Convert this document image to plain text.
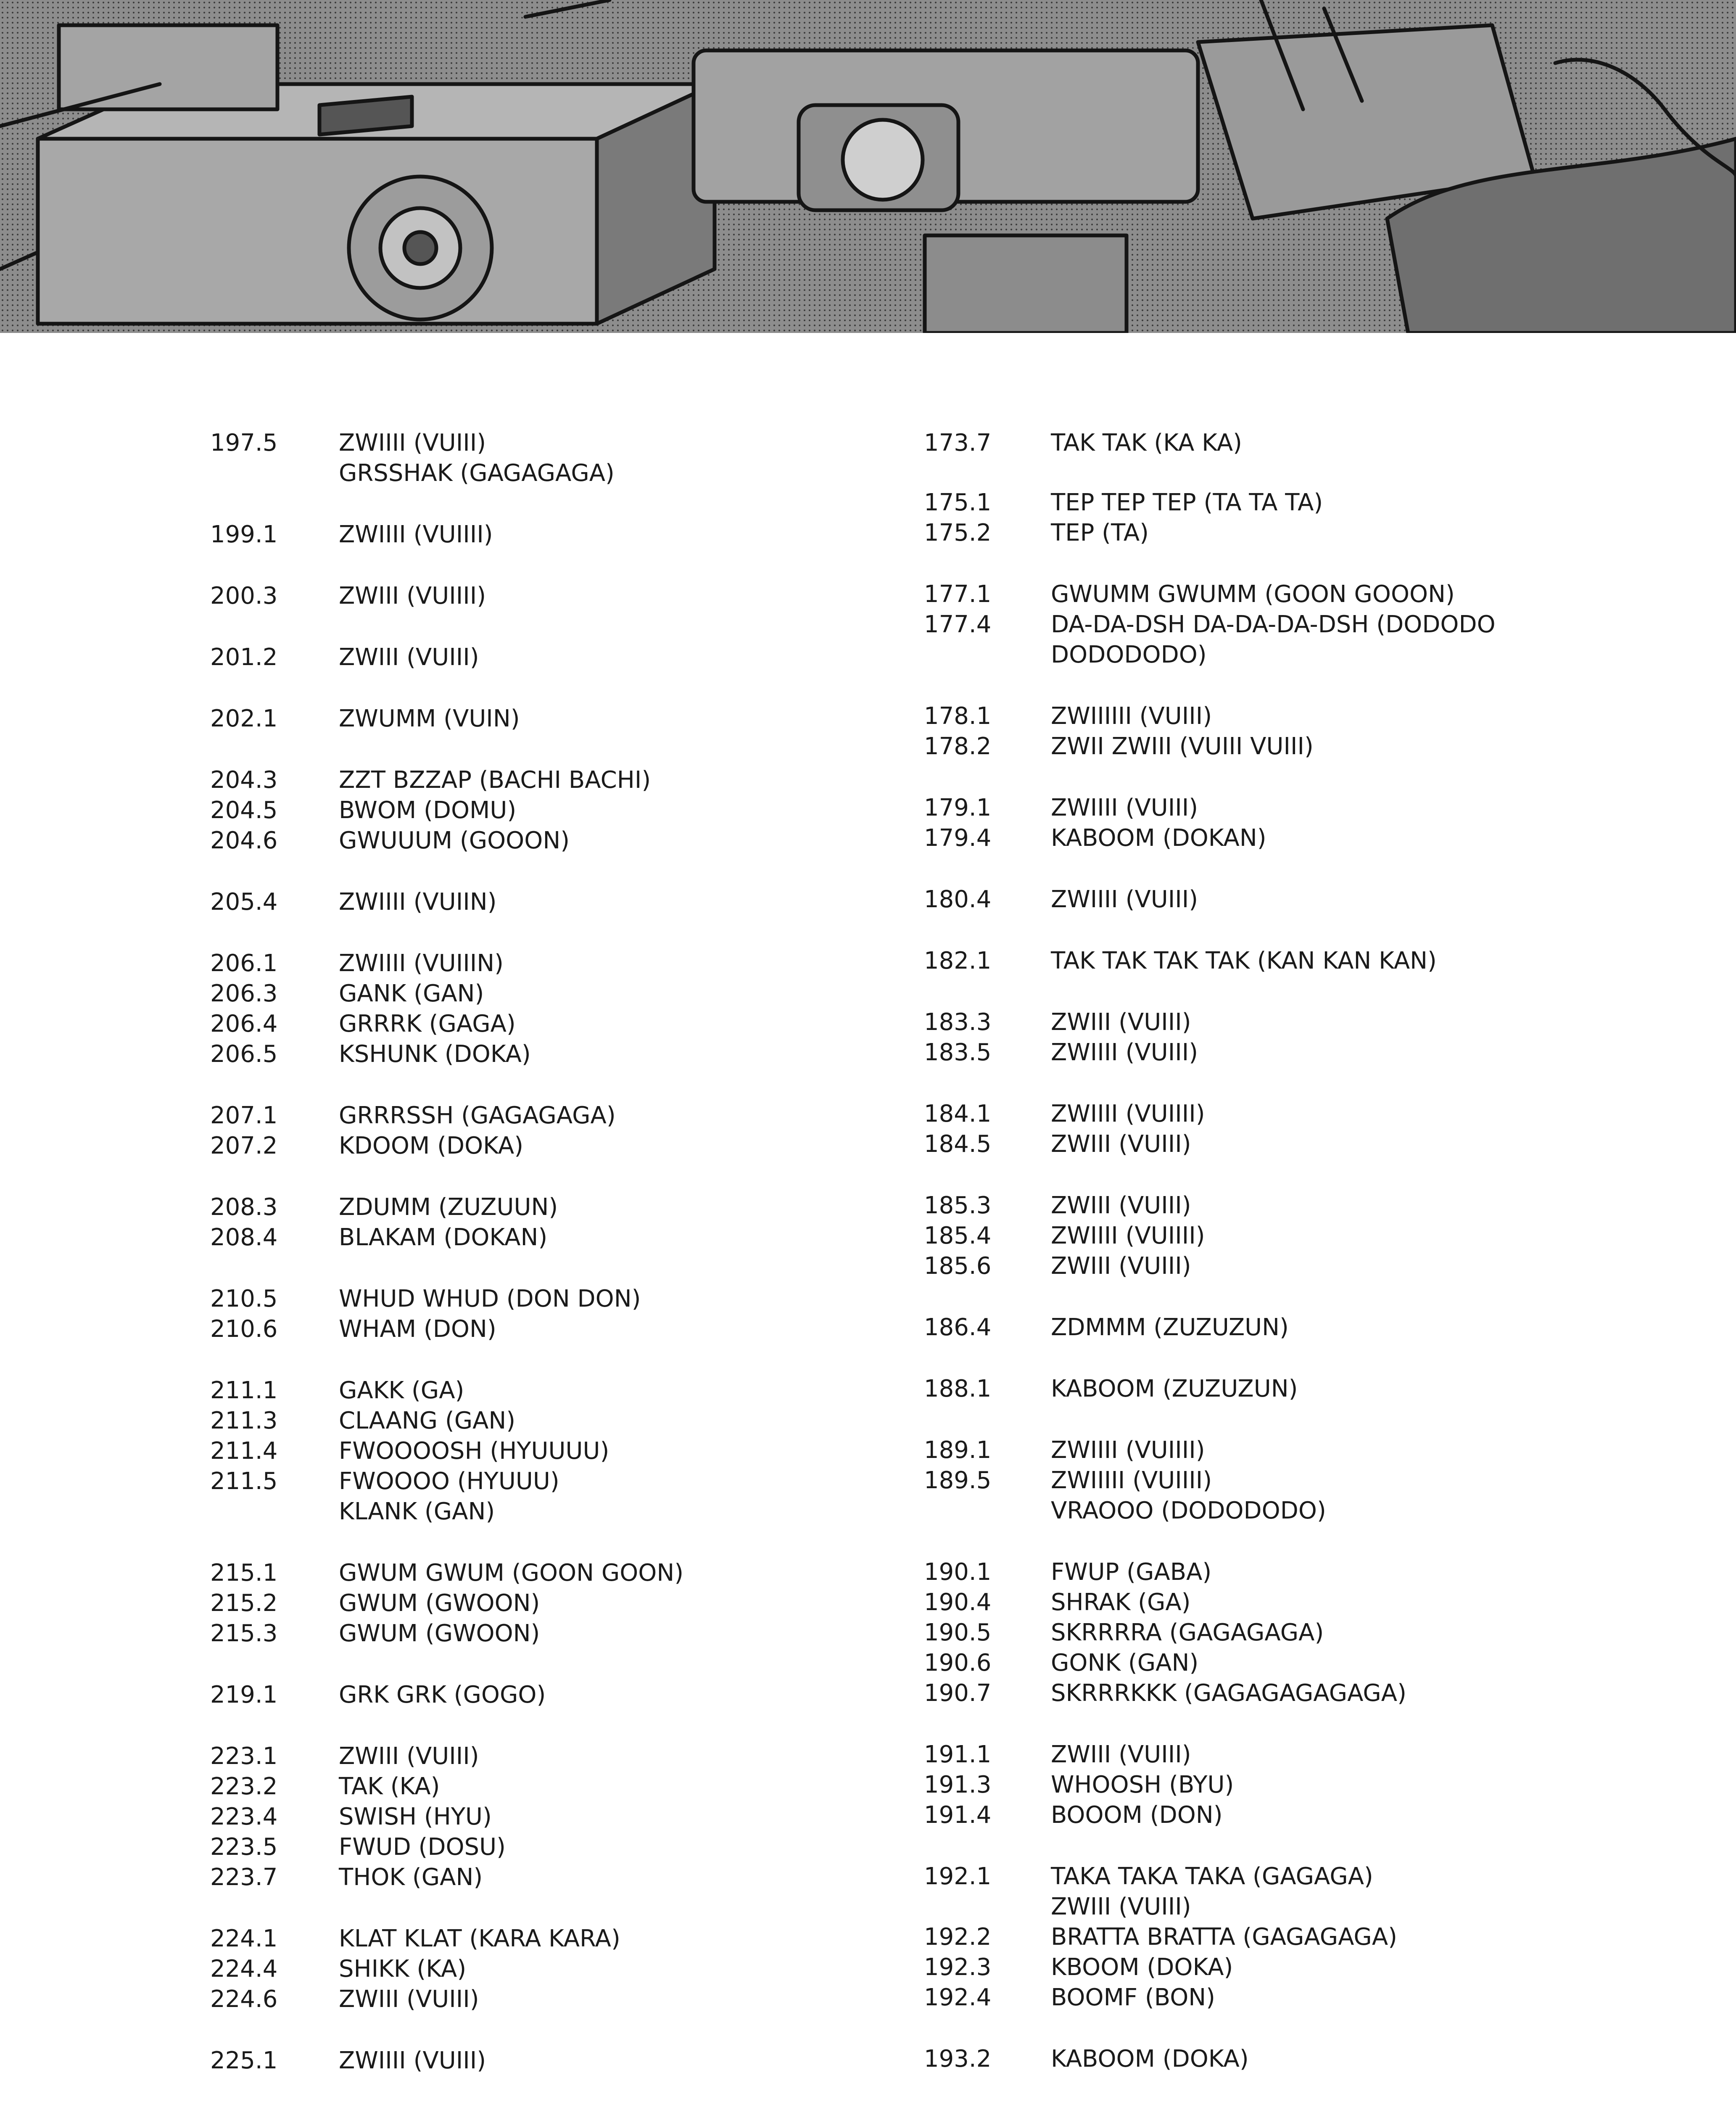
197.5	ZWIIII (VUIII)
GRSSHAK (GAGAGAGA)
199.1	ZWIIII (VUIIII)
200.3	ZWIII (VUIIII)
201.2	ZWIII (VUIII)
202.1	ZWUMM (VUIN)
204.3	ZZT BZZAP (BACHI BACHI)
204.5	BWOM (DOMU)
204.6	GWUUUM (GOOON)
205.4	ZWIIII (VUIIN)
206.1	ZWIIII (VUIIIN)
206.3	GANK (GAN)
206.4	GRRRK (GAGA)
206.5	KSHUNK (DOKA)
207.1	GRRRSSH (GAGAGAGA)
207.2	KDOOM (DOKA)
208.3	ZDUMM (ZUZUUN)
208.4	BLAKAM (DOKAN)
210.5	WHUD WHUD (DON DON)
210.6	WHAM (DON)
211.1	GAKK (GA)
211.3	CLAANG (GAN)
211.4	FWOOOOSH (HYUUUU)
211.5	FWOOOO (HYUUU)
KLANK (GAN)
215.1	GWUM GWUM (GOON GOON)
215.2	GWUM (GWOON)
215.3	GWUM (GWOON)
219.1	GRK GRK (GOGO)
223.1	ZWIII (VUIII)
223.2	TAK (KA)
223.4	SWISH (HYU)
223.5	FWUD (DOSU)
223.7	THOK (GAN)
224.1	KLAT KLAT (KARA KARA)
224.4	SHIKK (KA)
224.6	ZWIII (VUIII)
225.1	ZWIIII (VUIII)
173.7	TAK TAK (KA KA)
175.1	TEP TEP TEP (TA TA TA)
175.2	TEP (TA)
177.1	GWUMM GWUMM (GOON GOOON)
177.4	DA-DA-DSH DA-DA-DA-DSH (DODODO
DODODODO)
178.1	ZWIIIIII (VUIII)
178.2	ZWII ZWIII (VUIII VUIII)
179.1	ZWIIII (VUIII)
179.4	KABOOM (DOKAN)
180.4	ZWIIII (VUIII)
182.1	TAK TAK TAK TAK (KAN KAN KAN)
183.3	ZWIII (VUIII)
183.5	ZWIIII (VUIII)
184.1	ZWIIII (VUIIII)
184.5	ZWIII (VUIII)
185.3	ZWIII (VUIII)
185.4	ZWIIII (VUIIII)
185.6	ZWIII (VUIII)
186.4	ZDMMM (ZUZUZUN)
188.1	KABOOM (ZUZUZUN)
189.1	ZWIIII (VUIIII)
189.5	ZWIIIII (VUIIII)
VRAOOO (DODODODO)
190.1	FWUP (GABA)
190.4	SHRAK (GA)
190.5	SKRRRRA (GAGAGAGA)
190.6	GONK (GAN)
190.7	SKRRRKKK (GAGAGAGAGAGA)
191.1	ZWIII (VUIII)
191.3	WHOOSH (BYU)
191.4	BOOOM (DON)
192.1	TAKA TAKA TAKA (GAGAGA)
ZWIII (VUIII)
192.2	BRATTA BRATTA (GAGAGAGA)
192.3	KBOOM (DOKA)
192.4	BOOMF (BON)
193.2	KABOOM (DOKA)
